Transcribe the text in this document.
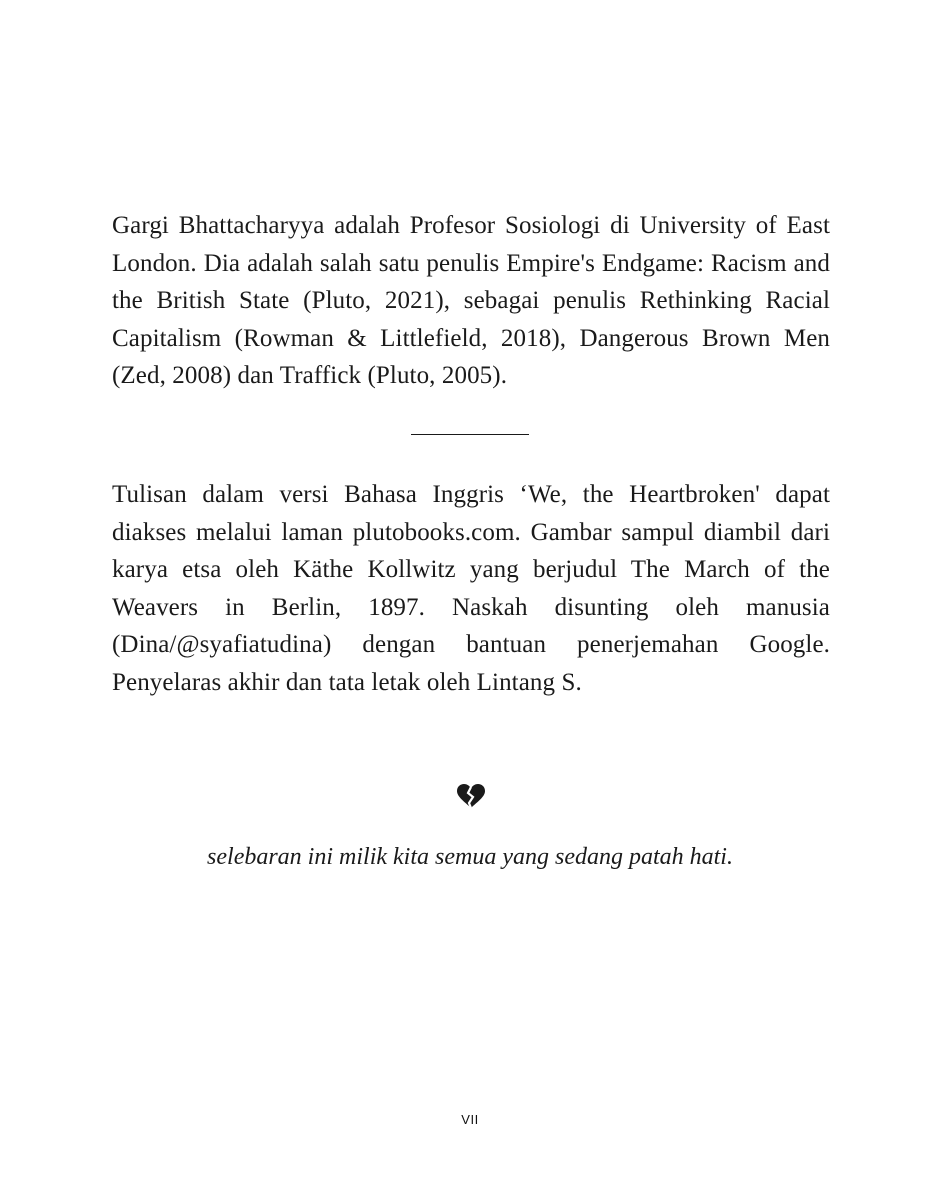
Gargi Bhattacharyya adalah Profesor Sosiologi di University of East London. Dia adalah salah satu penulis Empire's Endgame: Racism and the British State (Pluto, 2021), sebagai penulis Rethinking Racial Capitalism (Rowman & Littlefield, 2018), Dangerous Brown Men (Zed, 2008) dan Traffick (Pluto, 2005).

Tulisan dalam versi Bahasa Inggris ‘We, the Heartbroken' dapat diakses melalui laman plutobooks.com. Gambar sampul diambil dari karya etsa oleh Käthe Kollwitz yang berjudul The March of the Weavers in Berlin, 1897. Naskah disunting oleh manusia (Dina/@syafiatudina) dengan bantuan penerjemahan Google. Penyelaras akhir dan tata letak oleh Lintang S.

selebaran ini milik kita semua yang sedang patah hati.

VII
